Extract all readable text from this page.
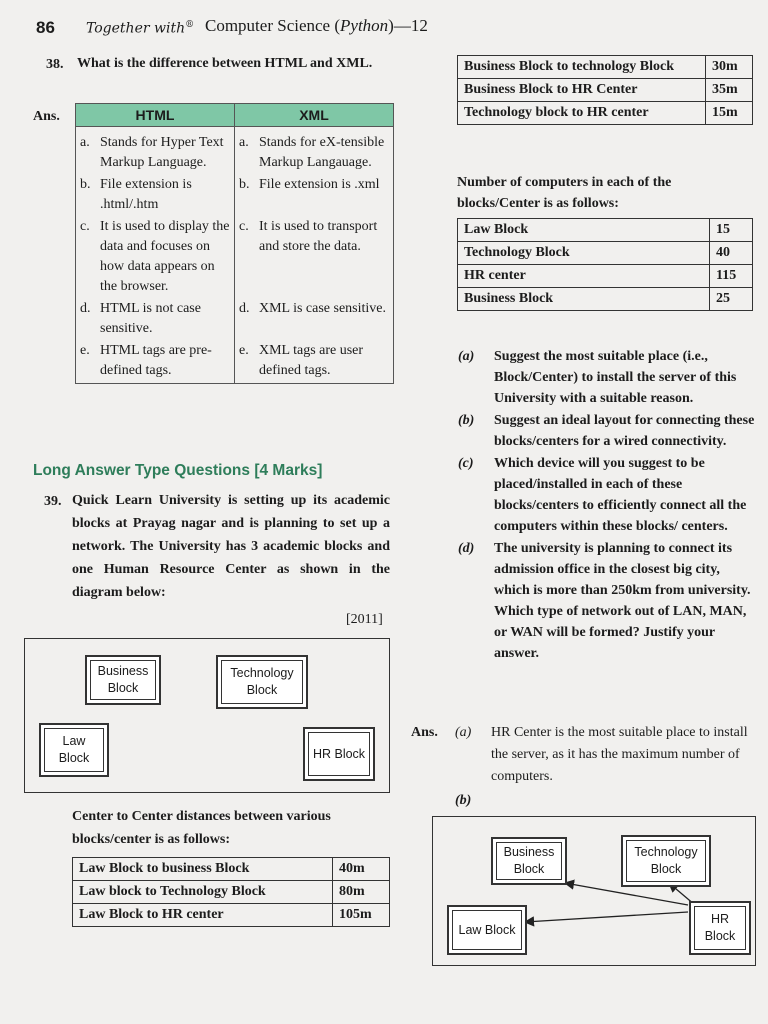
86 Together with® Computer Science (Python)—12
38. What is the difference between HTML and XML.
Ans.	HTML	XML

a. Stands for Hyper Text Markup Language.	a. Stands for eX-tensible Markup Langauage.

b. File extension is .html/.htm	b. File extension is .xml

c. It is used to display the data and focuses on how data appears on the browser.	c. It is used to transport and store the data.

d. HTML is not case sensitive.	d. XML is case sensitive.

e. HTML tags are pre-defined tags.	e. XML tags are user defined tags.
Long Answer Type Questions [4 Marks]
39. Quick Learn University is setting up its academic blocks at Prayag nagar and is planning to set up a network. The University has 3 academic blocks and one Human Resource Center as shown in the diagram below:
[2011]
Business Block
Technology Block
Law Block	HR Block
Center to Center distances between various blocks/center is as follows:
Law Block to business Block	40m
Law block to Technology Block	80m
Law Block to HR center	105m
Business Block to technology Block	30m
Business Block to HR Center	35m
Technology block to HR center	15m
Number of computers in each of the blocks/Center is as follows:
Law Block	15
Technology Block	40
HR center	115
Business Block	25
(a)	Suggest the most suitable place (i.e., Block/Center) to install the server of this University with a suitable reason.
(b)	Suggest an ideal layout for connecting these blocks/centers for a wired connectivity.
(c)	Which device will you suggest to be placed/installed in each of these blocks/centers to efficiently connect all the computers within these blocks/ centers.
(d)	The university is planning to connect its admission office in the closest big city, which is more than 250km from university. Which type of network out of LAN, MAN, or WAN will be formed? Justify your answer.
Ans.	(a)	HR Center is the most suitable place to install the server, as it has the maximum number of computers.
(b)
Business Block
Technology Block
Law Block
HR Block
